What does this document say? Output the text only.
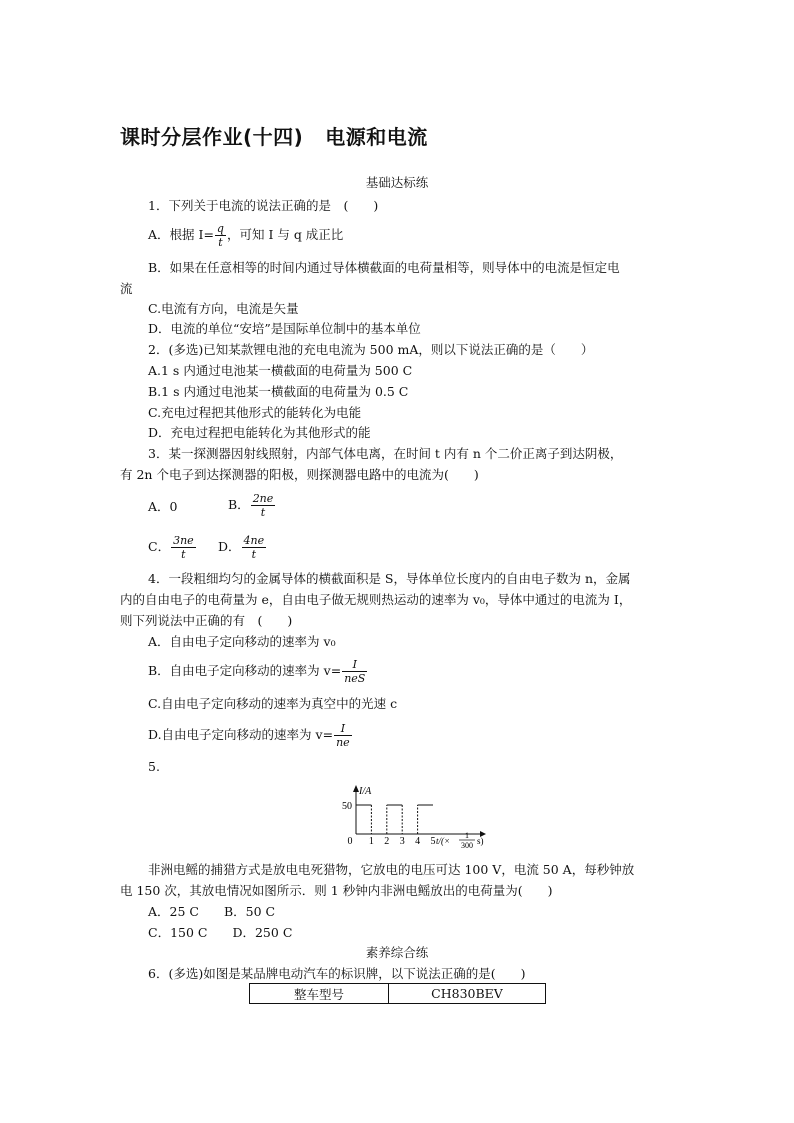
课时分层作业(十四) 电源和电流
基础达标练
1．下列关于电流的说法正确的是　(　　)
A．根据 $I= \frac{q}{t}$ ，可知 I 与 q 成正比
B．如果在任意相等的时间内通过导体横截面的电荷量相等，则导体中的电流是恒定电
流
C.电流有方向，电流是矢量
D．电流的单位“安培”是国际单位制中的基本单位
2．(多选)已知某款锂电池的充电电流为 500 mA，则以下说法正确的是（　　）
A.1 s 内通过电池某一横截面的电荷量为 500 C
B.1 s 内通过电池某一横截面的电荷量为 0.5 C
C.充电过程把其他形式的能转化为电能
D．充电过程把电能转化为其他形式的能
3．某一探测器因射线照射，内部气体电离，在时间 t 内有 n 个二价正离子到达阴极，
有 2n 个电子到达探测器的阳极，则探测器电路中的电流为(　　)
A．0	B． $\frac{2ne}{t}$
C． $\frac{3ne}{t}$ D． $\frac{4ne}{t}$
4．一段粗细均匀的金属导体的横截面积是 S，导体单位长度内的自由电子数为 n，金属
内的自由电子的电荷量为 e，自由电子做无规则热运动的速率为 v₀，导体中通过的电流为 I，
则下列说法中正确的有　(　　)
A．自由电子定向移动的速率为 v₀
B．自由电子定向移动的速率为 $v= \frac{I}{\text{neS}}$
C.自由电子定向移动的速率为真空中的光速 c
D.自由电子定向移动的速率为 $v= \frac{I}{ne}$
5.
I/A
50
0 1 2 3 4 5 t/(×
1
300 s)
非洲电鳐的捕猎方式是放电电死猎物，它放电的电压可达 100 V，电流 50 A，每秒钟放
电 150 次，其放电情况如图所示．则 1 秒钟内非洲电鳐放出的电荷量为(　　)
A．25 C　　B．50 C
C．150 C　　D．250 C
素养综合练
6．(多选)如图是某品牌电动汽车的标识牌，以下说法正确的是(　　)
整车型号	CH830BEV
